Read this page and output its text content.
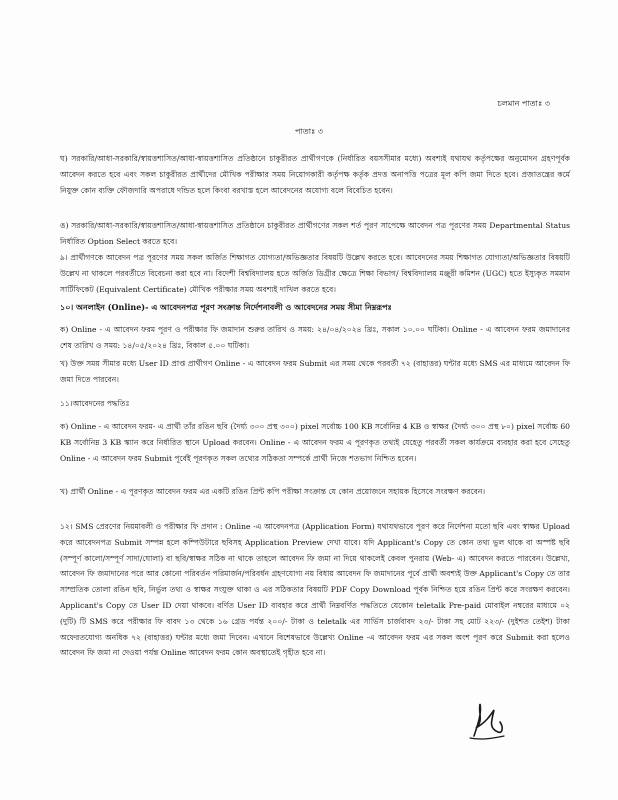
চলমান পাতাঃ ৩
পাতাঃ ৩

ঘ) সরকারি/আধা-সরকারি/স্বায়ত্তশাসিত/আধা-স্বায়ত্তশাসিত প্রতিষ্ঠানে চাকুরীরত প্রার্থীগণকে (নির্ধারিত বয়সসীমার মধ্যে) অবশ্যই যথাযথ কর্তৃপক্ষের অনুমোদন গ্রহণপূর্বক আবেদন করতে হবে এবং সকল চাকুরীরত প্রার্থীদের মৌখিক পরীক্ষার সময় নিয়োগকারী কর্তৃপক্ষ কর্তৃক প্রদত্ত অনাপত্তি পত্রের মূল কপি জমা দিতে হবে। প্রজাতন্ত্রের কর্মে নিযুক্ত কোন ব্যক্তি ফৌজদারি অপরাধে দন্ডিত হলে কিংবা বরখাস্ত হলে আবেদনের অযোগ্য বলে বিবেচিত হবেন।

ঙ) সরকারি/আধা-সরকারি/স্বায়ত্তশাসিত/আধা-স্বায়ত্তশাসিত প্রতিষ্ঠানে চাকুরীরত প্রার্থীগণের সকল শর্ত পূরণ সাপেক্ষে আবেদন পত্র পূরণের সময় Departmental Status নির্ধারিত Option Select করতে হবে।

৯। প্রার্থীগণকে আবেদন পত্র পূরণের সময় সকল অর্জিত শিক্ষাগত যোগ্যতা/অভিজ্ঞতার বিষয়টি উল্লেখ করতে হবে। আবেদনের সময় শিক্ষাগত যোগ্যতা/অভিজ্ঞতার বিষয়টি উল্লেখ না থাকলে পরবর্তীতে বিবেচনা করা হবে না। বিদেশী বিশ্ববিদ্যালয় হতে অর্জিত ডিগ্রীর ক্ষেত্রে শিক্ষা বিভাগ/ বিশ্ববিদ্যালয় মঞ্জুরী কমিশন (UGC) হতে ইস্যুকৃত সমমান সার্টিফিকেট (Equivalent Certificate) মৌখিক পরীক্ষার সময় অবশ্যই দাখিল করতে হবে।

১০। অনলাইন (Online)- এ আবেদনপত্র পূরণ সংক্রান্ত নির্দেশনাবলী ও আবেদনের সময় সীমা নিম্নরূপঃ

ক) Online - এ আবেদন ফরম পূরণ ও পরীক্ষার ফি জমাদান শুরুর তারিখ ও সময়: ২৪/০৪/২০২৪ খ্রিঃ, সকাল ১০.০০ ঘটিকা। Online - এ আবেদন ফরম জমাদানের শেষ তারিখ ও সময়: ১৪/০৫/২০২৪ খ্রিঃ, বিকাল ৫.০০ ঘটিকা।

খ) উক্ত সময় সীমার মধ্যে User ID প্রাপ্ত প্রার্থীগণ Online - এ আবেদন ফরম Submit এর সময় থেকে পরবর্তী ৭২ (বাহাত্তর) ঘন্টার মধ্যে SMS এর মাধ্যমে আবেদন ফি জমা দিতে পারবেন।

১১।আবেদনের পদ্ধতিঃ

ক) Online - এ আবেদন ফরম- এ প্রার্থী তাঁর রঙিন ছবি (দৈর্ঘ্য ৩০০ প্রস্থ ৩০০) pixel সর্বোচ্চ 100 KB সর্বোনিম্ন 4 KB ও স্বাক্ষর (দৈর্ঘ্য ৩০০ প্রস্থ ৮০) pixel সর্বোচ্চ 60 KB সর্বোনিম্ন 3 KB স্ক্যান করে নির্ধারিত স্থানে Upload করবেন। Online - এ আবেদন ফরম এ পূরণকৃত তথ্যই যেহেতু পরবর্তী সকল কার্যক্রমে ব্যবহার করা হবে সেহেতু Online - এ আবেদন ফরম Submit পূর্বেই পূরণকৃত সকল তথ্যের সঠিকতা সম্পর্কে প্রার্থী নিজে শতভাগ নিশ্চিত হবেন।

খ) প্রার্থী Online - এ পূরণকৃত আবেদন ফরম এর একটি রঙিন প্রিন্ট কপি পরীক্ষা সংক্রান্ত যে কোন প্রয়োজনে সহায়ক হিসেবে সংরক্ষণ করবেন।

১২। SMS প্রেরণের নিয়মাবলী ও পরীক্ষার ফি প্রদান : Online -এ আবেদনপত্র (Application Form) যথাযথভাবে পূরণ করে নির্দেশনা মতো ছবি এবং স্বাক্ষর Upload করে আবেদনপত্র Submit সম্পন্ন হলে কম্পিউটারে ছবিসহ Application Preview দেখা যাবে। যদি Applicant's Copy তে কোন তথ্য ভুল থাকে বা অস্পষ্ট ছবি (সম্পূর্ণ কালো/সম্পূর্ণ সাদা/ঘোলা) বা ছবি/স্বাক্ষর সঠিক না থাকে তাহলে আবেদন ফি জমা না দিয়ে থাকলেই কেবল পুনরায় (Web- এ) আবেদন করতে পারবেন। উল্লেখ্য, আবেদন ফি জমাদানের পরে আর কোনো পরিবর্তন পরিমার্জন/পরিবর্ধন গ্রহণযোগ্য নয় বিধায় আবেদন ফি জমাদানের পূর্বে প্রার্থী অবশ্যই উক্ত Applicant's Copy তে তার সাম্প্রতিক তোলা রঙিন ছবি, নির্ভুল তথ্য ও স্বাক্ষর সংযুক্ত থাকা ও এর সঠিকতার বিষয়টি PDF Copy Download পূর্বক নিশ্চিত হয়ে রঙিন প্রিন্ট করে সংরক্ষণ করবেন। Applicant's Copy তে User ID দেয়া থাকবে। বর্ণিত User ID ব্যবহার করে প্রার্থী নিম্নবর্ণিত পদ্ধতিতে যেকোন teletalk Pre-paid মোবাইল নম্বরের মাধ্যমে ০২ (দুটি) টি SMS করে পরীক্ষার ফি বাবদ ১৩ থেকে ১৬ গ্রেড পর্যন্ত ২০০/- টাকা ও teletalk এর সার্ভিস চার্জবাবদ ২৩/- টাকা সহ মোট ২২৩/- (দুইশত তেইশ) টাকা অফেরতযোগ্য অনধিক ৭২ (বাহাত্তর) ঘন্টার মধ্যে জমা দিবেন। এখানে বিশেষভাবে উল্লেখ্য Online -এ আবেদন ফরম এর সকল অংশ পূরণ করে Submit করা হলেও আবেদন ফি জমা না দেওয়া পর্যন্ত Online আবেদন ফরম কোন অবস্থাতেই গৃহীত হবে না।
